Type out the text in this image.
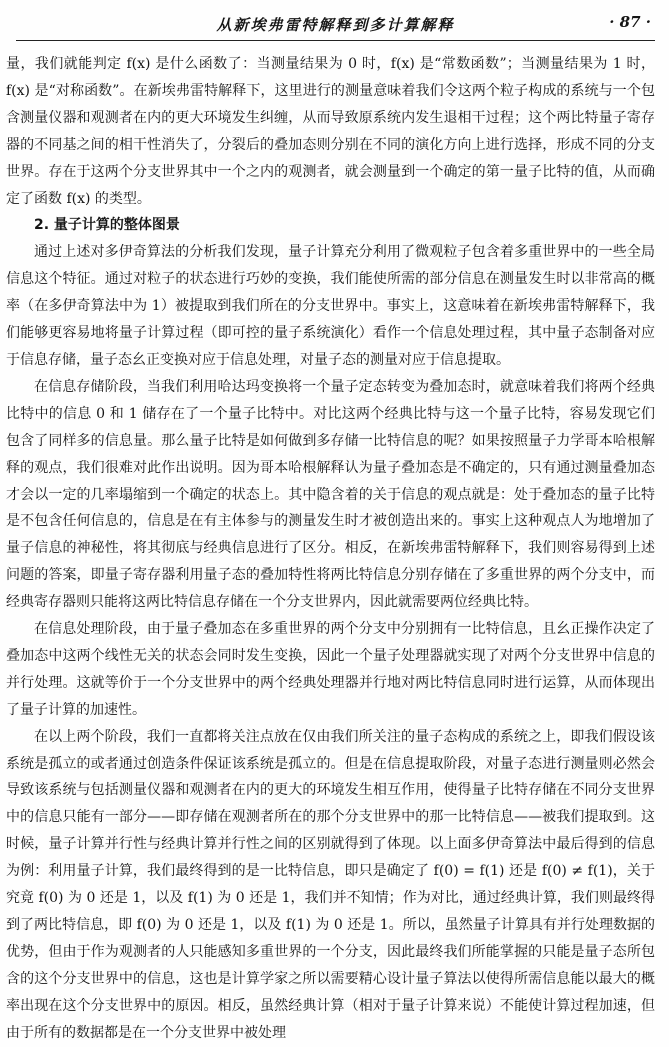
从新埃弗雷特解释到多计算解释	· 87 ·

量，我们就能判定 f(x) 是什么函数了：当测量结果为 0 时，f(x) 是“常数函数”；当测量结果为 1 时，f(x) 是“对称函数”。在新埃弗雷特解释下，这里进行的测量意味着我们令这两个粒子构成的系统与一个包含测量仪器和观测者在内的更大环境发生纠缠，从而导致原系统内发生退相干过程；这个两比特量子寄存器的不同基之间的相干性消失了，分裂后的叠加态则分别在不同的演化方向上进行选择，形成不同的分支世界。存在于这两个分支世界其中一个之内的观测者，就会测量到一个确定的第一量子比特的值，从而确定了函数 f(x) 的类型。

2. 量子计算的整体图景

通过上述对多伊奇算法的分析我们发现，量子计算充分利用了微观粒子包含着多重世界中的一些全局信息这个特征。通过对粒子的状态进行巧妙的变换，我们能使所需的部分信息在测量发生时以非常高的概率（在多伊奇算法中为 1）被提取到我们所在的分支世界中。事实上，这意味着在新埃弗雷特解释下，我们能够更容易地将量子计算过程（即可控的量子系统演化）看作一个信息处理过程，其中量子态制备对应于信息存储，量子态幺正变换对应于信息处理，对量子态的测量对应于信息提取。

在信息存储阶段，当我们利用哈达玛变换将一个量子定态转变为叠加态时，就意味着我们将两个经典比特中的信息 0 和 1 储存在了一个量子比特中。对比这两个经典比特与这一个量子比特，容易发现它们包含了同样多的信息量。那么量子比特是如何做到多存储一比特信息的呢？如果按照量子力学哥本哈根解释的观点，我们很难对此作出说明。因为哥本哈根解释认为量子叠加态是不确定的，只有通过测量叠加态才会以一定的几率塌缩到一个确定的状态上。其中隐含着的关于信息的观点就是：处于叠加态的量子比特是不包含任何信息的，信息是在有主体参与的测量发生时才被创造出来的。事实上这种观点人为地增加了量子信息的神秘性，将其彻底与经典信息进行了区分。相反，在新埃弗雷特解释下，我们则容易得到上述问题的答案，即量子寄存器利用量子态的叠加特性将两比特信息分别存储在了多重世界的两个分支中，而经典寄存器则只能将这两比特信息存储在一个分支世界内，因此就需要两位经典比特。

在信息处理阶段，由于量子叠加态在多重世界的两个分支中分别拥有一比特信息，且幺正操作决定了叠加态中这两个线性无关的状态会同时发生变换，因此一个量子处理器就实现了对两个分支世界中信息的并行处理。这就等价于一个分支世界中的两个经典处理器并行地对两比特信息同时进行运算，从而体现出了量子计算的加速性。

在以上两个阶段，我们一直都将关注点放在仅由我们所关注的量子态构成的系统之上，即我们假设该系统是孤立的或者通过创造条件保证该系统是孤立的。但是在信息提取阶段，对量子态进行测量则必然会导致该系统与包括测量仪器和观测者在内的更大的环境发生相互作用，使得量子比特存储在不同分支世界中的信息只能有一部分——即存储在观测者所在的那个分支世界中的那一比特信息——被我们提取到。这时候，量子计算并行性与经典计算并行性之间的区别就得到了体现。以上面多伊奇算法中最后得到的信息为例：利用量子计算，我们最终得到的是一比特信息，即只是确定了 f(0) = f(1) 还是 f(0) ≠ f(1)，关于究竟 f(0) 为 0 还是 1，以及 f(1) 为 0 还是 1，我们并不知情；作为对比，通过经典计算，我们则最终得到了两比特信息，即 f(0) 为 0 还是 1，以及 f(1) 为 0 还是 1。所以，虽然量子计算具有并行处理数据的优势，但由于作为观测者的人只能感知多重世界的一个分支，因此最终我们所能掌握的只能是量子态所包含的这个分支世界中的信息，这也是计算学家之所以需要精心设计量子算法以使得所需信息能以最大的概率出现在这个分支世界中的原因。相反，虽然经典计算（相对于量子计算来说）不能使计算过程加速，但由于所有的数据都是在一个分支世界中被处理
